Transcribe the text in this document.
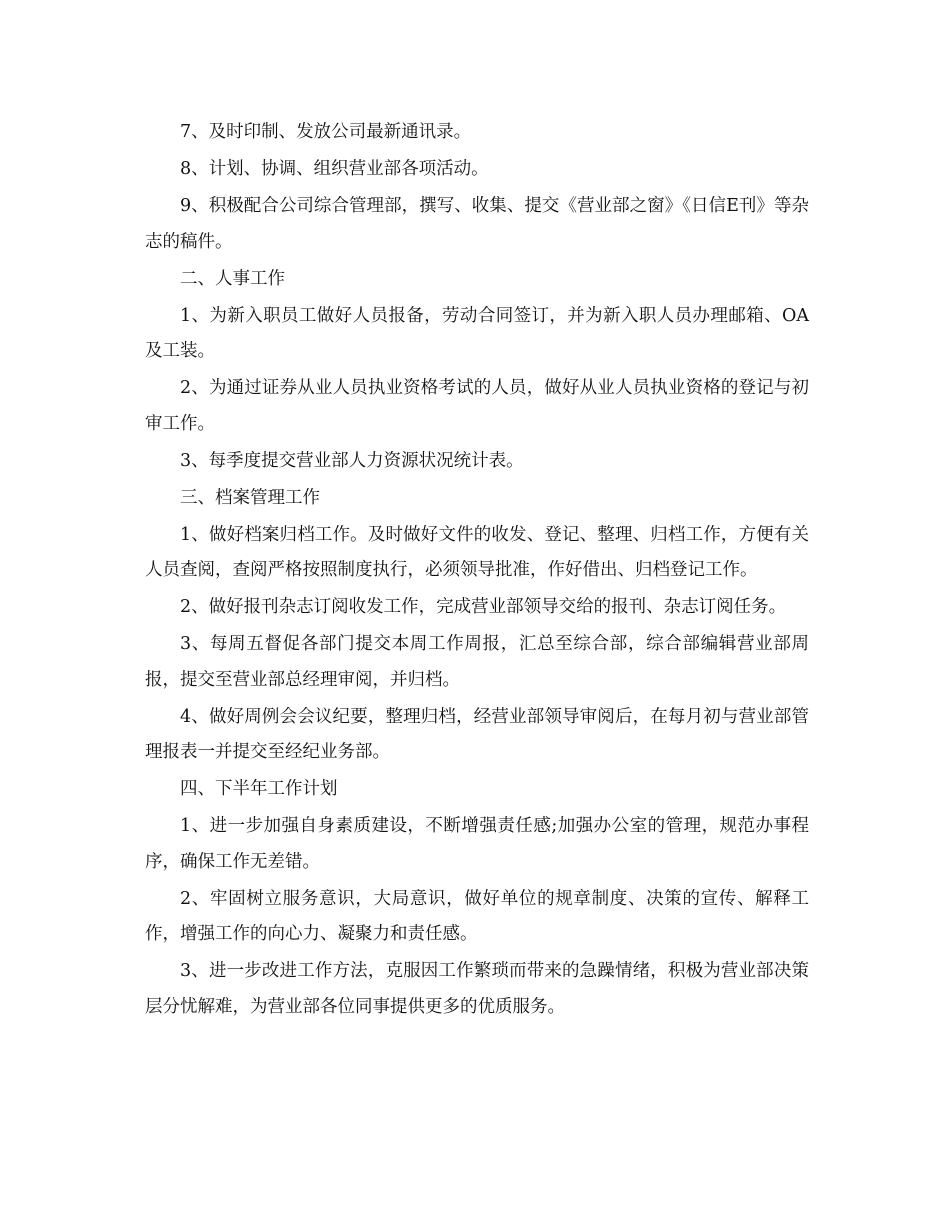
7、及时印制、发放公司最新通讯录。

8、计划、协调、组织营业部各项活动。

9、积极配合公司综合管理部，撰写、收集、提交《营业部之窗》《日信E刊》等杂志的稿件。

二、人事工作

1、为新入职员工做好人员报备，劳动合同签订，并为新入职人员办理邮箱、OA及工装。

2、为通过证券从业人员执业资格考试的人员，做好从业人员执业资格的登记与初审工作。

3、每季度提交营业部人力资源状况统计表。

三、档案管理工作

1、做好档案归档工作。及时做好文件的收发、登记、整理、归档工作，方便有关人员查阅，查阅严格按照制度执行，必须领导批准，作好借出、归档登记工作。

2、做好报刊杂志订阅收发工作，完成营业部领导交给的报刊、杂志订阅任务。

3、每周五督促各部门提交本周工作周报，汇总至综合部，综合部编辑营业部周报，提交至营业部总经理审阅，并归档。

4、做好周例会会议纪要，整理归档，经营业部领导审阅后，在每月初与营业部管理报表一并提交至经纪业务部。

四、下半年工作计划

1、进一步加强自身素质建设，不断增强责任感;加强办公室的管理，规范办事程序，确保工作无差错。

2、牢固树立服务意识，大局意识，做好单位的规章制度、决策的宣传、解释工作，增强工作的向心力、凝聚力和责任感。

3、进一步改进工作方法，克服因工作繁琐而带来的急躁情绪，积极为营业部决策层分忧解难，为营业部各位同事提供更多的优质服务。
